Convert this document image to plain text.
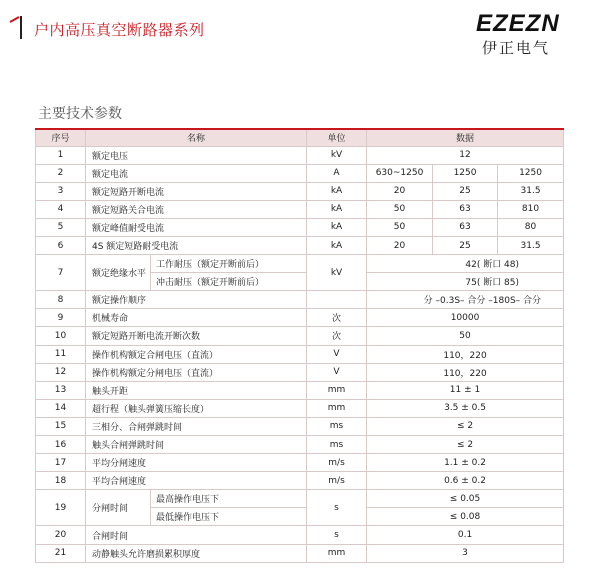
户内高压真空断路器系列	EZEZN
伊正电气
主要技术参数
序号	名称		单位	数据		
1	额定电压		kV	12		
2	额定电流		A	630~1250	1250	1250
3	额定短路开断电流		kA	20	25	31.5
4	额定短路关合电流		kA	50	63	810
5	额定峰值耐受电流		kA	50	63	80
6	4S 额定短路耐受电流		kA	20	25	31.5
7	额定绝缘水平	工作耐压（额定开断前后）	kV	42( 断口 48)		
		冲击耐压（额定开断前后）		75( 断口 85)		
8	额定操作顺序			分 –0.3S– 合分 –180S– 合分		
9	机械寿命		次	10000		
10	额定短路开断电流开断次数		次	50		
11	操作机构额定合闸电压（直流）		V	110，220		
12	操作机构额定分闸电压（直流）		V	110，220		
13	触头开距		mm	11 ± 1		
14	超行程（触头弹簧压缩长度）		mm	3.5 ± 0.5		
15	三相分、合闸弹跳时间		ms	≤ 2		
16	触头合闸弹跳时间		ms	≤ 2		
17	平均分闸速度		m/s	1.1 ± 0.2		
18	平均合闸速度		m/s	0.6 ± 0.2		
19	分闸时间	最高操作电压下	s	≤ 0.05		
		最低操作电压下		≤ 0.08		
20	合闸时间		s	0.1		
21	动静触头允许磨损累积厚度		mm	3		
